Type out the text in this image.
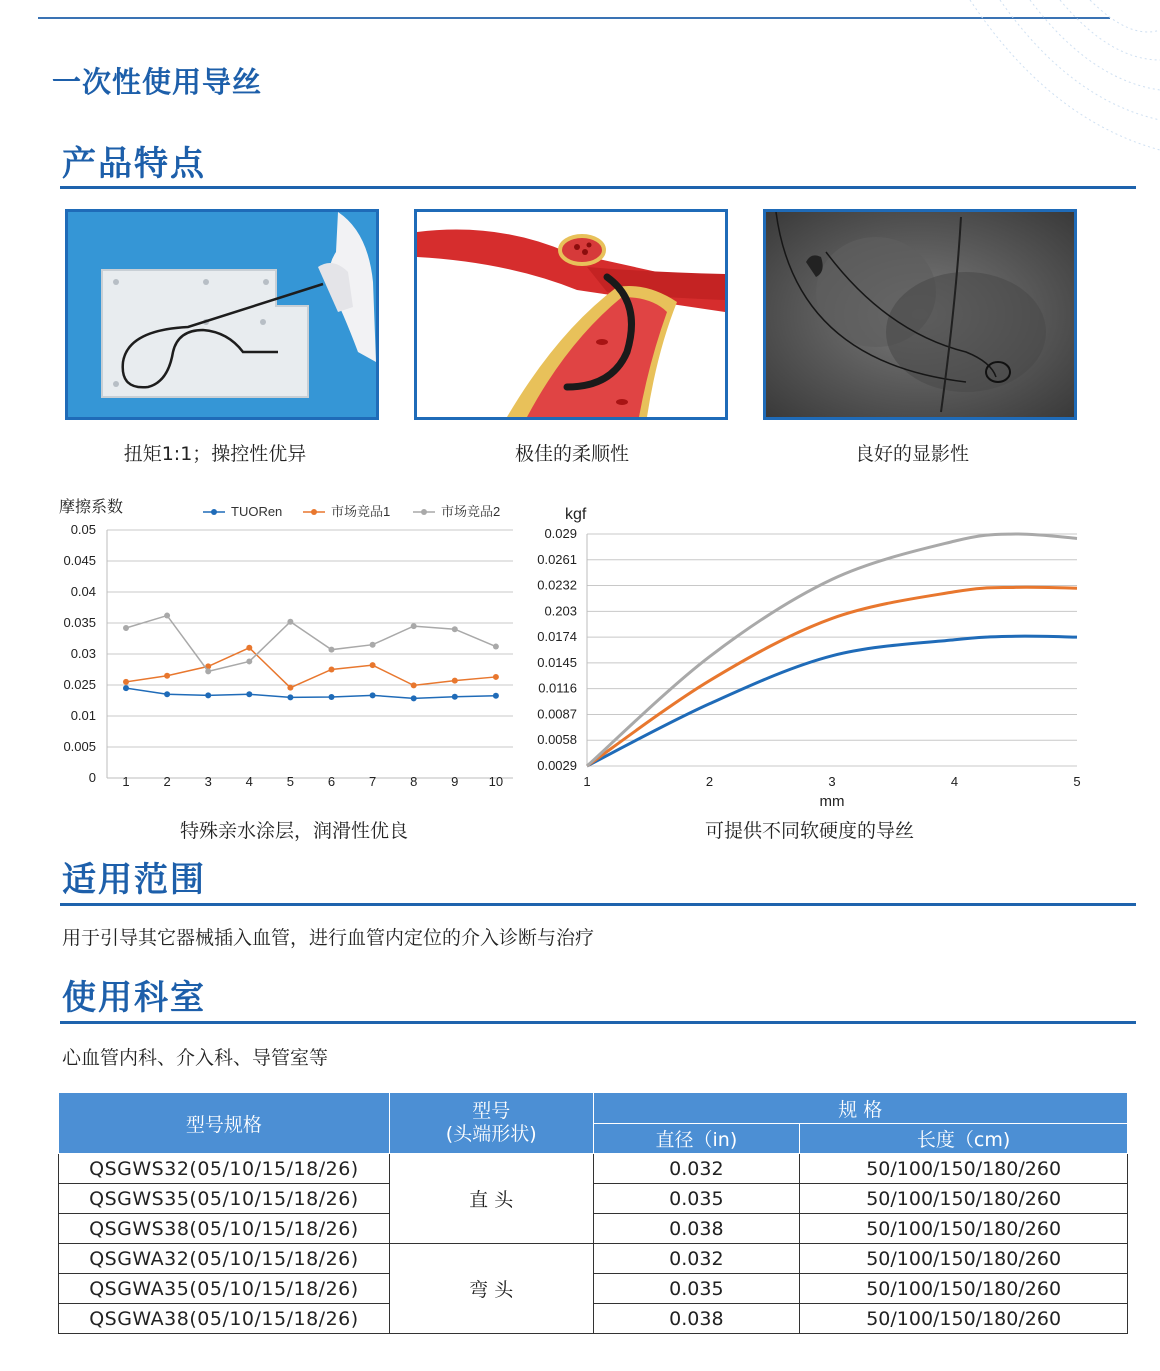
一次性使用导丝
产品特点
扭矩1:1；操控性优异	极佳的柔顺性	良好的显影性
摩擦系数	TUORen	市场竞品1	市场竞品2
0
0.005
0.01
0.025
0.03
0.035
0.04
0.045
0.05
1	2	3	4	5	6	7	8	9 10
特殊亲水涂层，润滑性优良
kgf
0.0029
0.0058
0.0087
0.0116
0.0145
0.0174
0.203
0.0232
0.0261
0.029
1	2	3	4	5
mm
可提供不同软硬度的导丝
适用范围
用于引导其它器械插入血管，进行血管内定位的介入诊断与治疗
使用科室
心血管内科、介入科、导管室等
型号规格	型号
(头端形状)	规 格	
		直径（in)	长度（cm)
QSGWS32(05/10/15/18/26)	直 头	0.032	50/100/150/180/260
QSGWS35(05/10/15/18/26)		0.035	50/100/150/180/260
QSGWS38(05/10/15/18/26)		0.038	50/100/150/180/260
QSGWA32(05/10/15/18/26)	弯 头	0.032	50/100/150/180/260
QSGWA35(05/10/15/18/26)		0.035	50/100/150/180/260
QSGWA38(05/10/15/18/26)		0.038	50/100/150/180/260
